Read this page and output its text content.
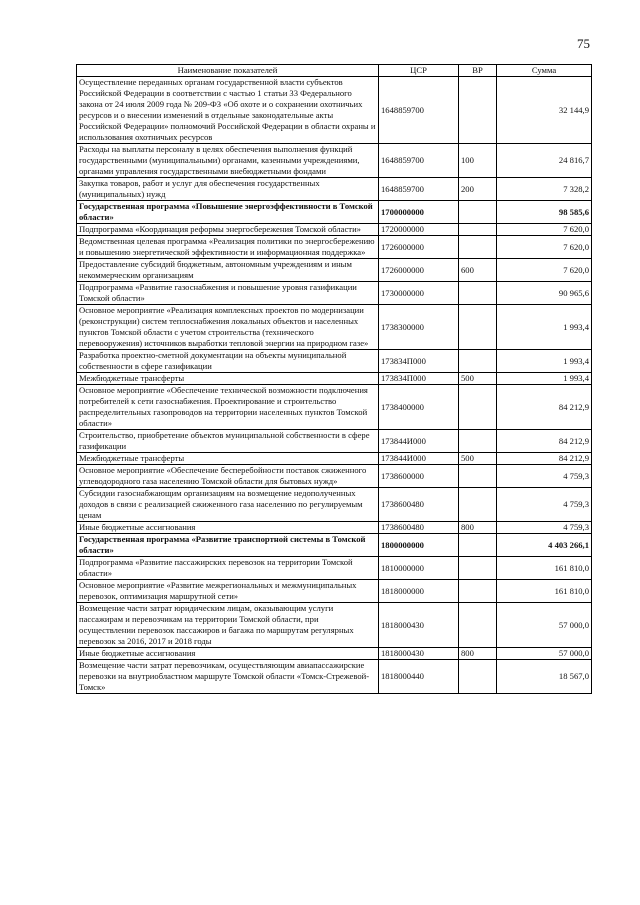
75
Наименование показателей	ЦСР	ВР	Сумма
Осуществление переданных органам государственной власти субъектов Российской Федерации в соответствии с частью 1 статьи 33 Федерального закона от 24 июля 2009 года № 209-ФЗ «Об охоте и о сохранении охотничьих ресурсов и о внесении изменений в отдельные законодательные акты Российской Федерации» полномочий Российской Федерации в области охраны и использования охотничьих ресурсов	1648859700		32 144,9
Расходы на выплаты персоналу в целях обеспечения выполнения функций государственными (муниципальными) органами, казенными учреждениями, органами управления государственными внебюджетными фондами	1648859700	100	24 816,7
Закупка товаров, работ и услуг для обеспечения государственных (муниципальных) нужд	1648859700	200	7 328,2
Государственная программа «Повышение энергоэффективности в Томской области»	1700000000		98 585,6
Подпрограмма «Координация реформы энергосбережения Томской области»	1720000000		7 620,0
Ведомственная целевая программа «Реализация политики по энергосбережению и повышению энергетической эффективности и информационная поддержка»	1726000000		7 620,0
Предоставление субсидий бюджетным, автономным учреждениям и иным некоммерческим организациям	1726000000	600	7 620,0
Подпрограмма «Развитие газоснабжения и повышение уровня газификации Томской области»	1730000000		90 965,6
Основное мероприятие «Реализация комплексных проектов по модернизации (реконструкции) систем теплоснабжения локальных объектов и населенных пунктов Томской области с учетом строительства (технического перевооружения) источников выработки тепловой энергии на природном газе»	1738300000		1 993,4
Разработка проектно-сметной документации на объекты муниципальной собственности в сфере газификации	173834П000		1 993,4
Межбюджетные трансферты	173834П000	500	1 993,4
Основное мероприятие «Обеспечение технической возможности подключения потребителей к сети газоснабжения. Проектирование и строительство распределительных газопроводов на территории населенных пунктов Томской области»	1738400000		84 212,9
Строительство, приобретение объектов муниципальной собственности в сфере газификации	173844И000		84 212,9
Межбюджетные трансферты	173844И000	500	84 212,9
Основное мероприятие «Обеспечение бесперебойности поставок сжиженного углеводородного газа населению Томской области для бытовых нужд»	1738600000		4 759,3
Субсидии газоснабжающим организациям на возмещение недополученных доходов в связи с реализацией сжиженного газа населению по регулируемым ценам	1738600480		4 759,3
Иные бюджетные ассигнования	1738600480	800	4 759,3
Государственная программа «Развитие транспортной системы в Томской области»	1800000000		4 403 266,1
Подпрограмма «Развитие пассажирских перевозок на территории Томской области»	1810000000		161 810,0
Основное мероприятие «Развитие межрегиональных и межмуниципальных перевозок, оптимизация маршрутной сети»	1818000000		161 810,0
Возмещение части затрат юридическим лицам, оказывающим услуги пассажирам и перевозчикам на территории Томской области, при осуществлении перевозок пассажиров и багажа по маршрутам регулярных перевозок за 2016, 2017 и 2018 годы	1818000430		57 000,0
Иные бюджетные ассигнования	1818000430	800	57 000,0
Возмещение части затрат перевозчикам, осуществляющим авиапассажирские перевозки на внутриобластном маршруте Томской области «Томск-Стрежевой-Томск»	1818000440		18 567,0
